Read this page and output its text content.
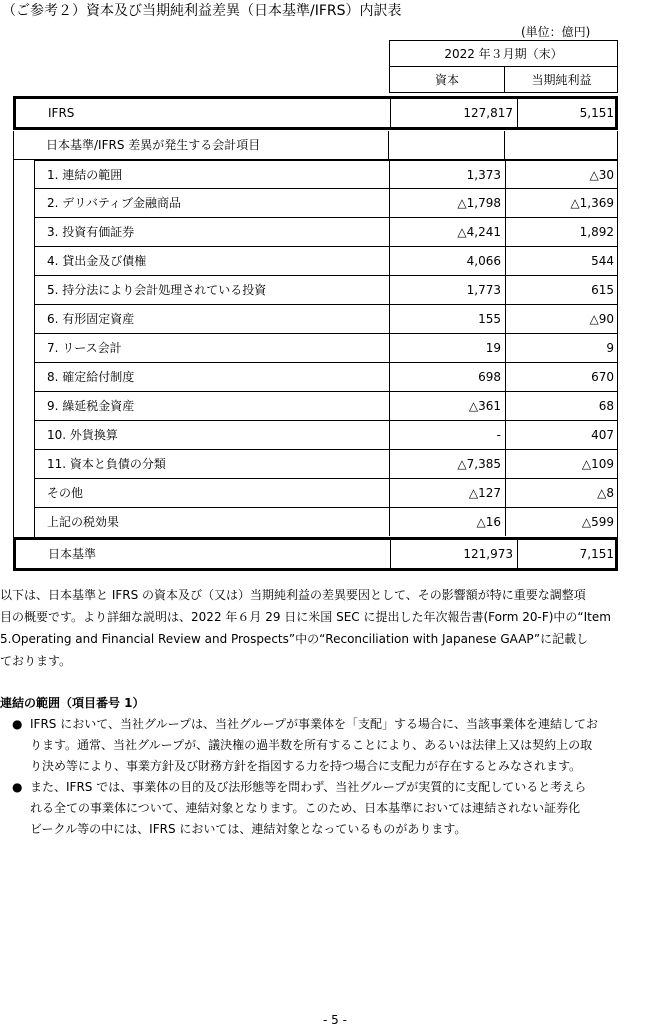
（ご参考２）資本及び当期純利益差異（日本基準/IFRS）内訳表
(単位：億円)
2022 年３月期（末）
資本	当期純利益
IFRS	127,817	5,151
日本基準/IFRS 差異が発生する会計項目
1. 連結の範囲	1,373	△30
2. デリバティブ金融商品	△1,798	△1,369
3. 投資有価証券	△4,241	1,892
4. 貸出金及び債権	4,066	544
5. 持分法により会計処理されている投資	1,773	615
6. 有形固定資産	155	△90
7. リース会計	19	9
8. 確定給付制度	698	670
9. 繰延税金資産	△361	68
10. 外貨換算	-	407
11. 資本と負債の分類	△7,385	△109
その他	△127	△8
上記の税効果	△16	△599
日本基準	121,973	7,151
以下は、日本基準と IFRS の資本及び（又は）当期純利益の差異要因として、その影響額が特に重要な調整項
目の概要です。より詳細な説明は、2022 年６月 29 日に米国 SEC に提出した年次報告書(Form 20-F)中の“Item
5.Operating and Financial Review and Prospects”中の“Reconciliation with Japanese GAAP”に記載し
ております。
連結の範囲（項目番号 1）
● IFRS において、当社グループは、当社グループが事業体を「支配」する場合に、当該事業体を連結してお
ります。通常、当社グループが、議決権の過半数を所有することにより、あるいは法律上又は契約上の取
り決め等により、事業方針及び財務方針を指図する力を持つ場合に支配力が存在するとみなされます。
● また、IFRS では、事業体の目的及び法形態等を問わず、当社グループが実質的に支配していると考えら
れる全ての事業体について、連結対象となります。このため、日本基準においては連結されない証券化
ビークル等の中には、IFRS においては、連結対象となっているものがあります。
- 5 -
